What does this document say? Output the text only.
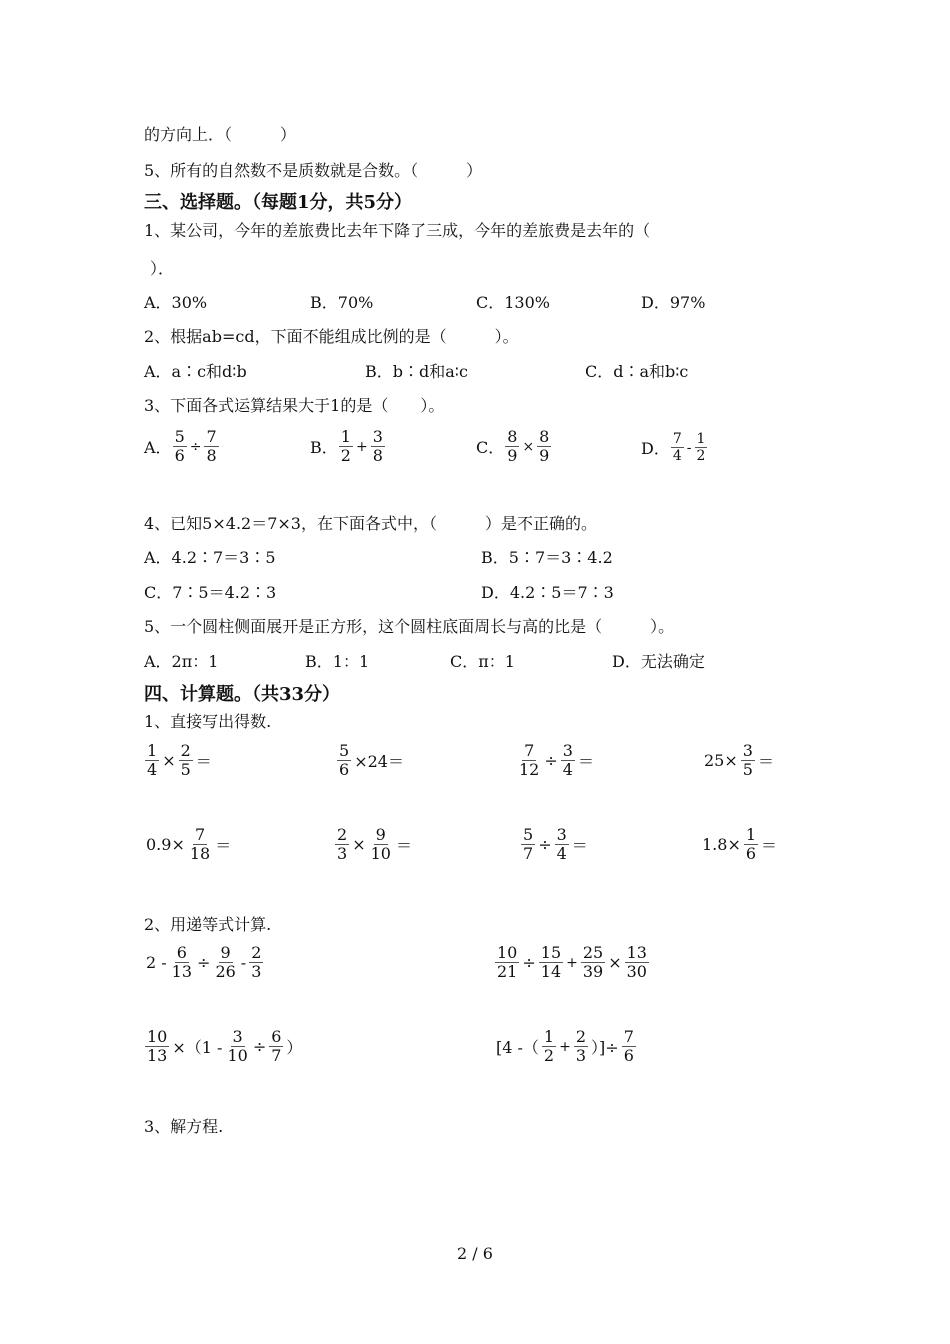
的方向上．（　　　）
5、所有的自然数不是质数就是合数。（　　　）
三、选择题。（每题1分，共5分）
1、某公司，今年的差旅费比去年下降了三成，今年的差旅费是去年的（
）．
A．30%	B．70%	C．130%	D．97%
2、根据ab=cd，下面不能组成比例的是（　　　）。
A．a∶c和d∶b	B．b∶d和a∶c	C．d∶a和b∶c
3、下面各式运算结果大于1的是（　　）。
A． $\frac{5}{6} \div \frac{7}{8}$	B． $\frac{1}{2} + \frac{3}{8}$	C． $\frac{8}{9} \times \frac{8}{9}$	D． $\frac{7}{4} - \frac{1}{2}$
4、已知5×4.2＝7×3，在下面各式中，（　　　）是不正确的。
A．4.2∶7＝3∶5	B．5∶7＝3∶4.2
C．7∶5＝4.2∶3	D．4.2∶5＝7∶3
5、一个圆柱侧面展开是正方形，这个圆柱底面周长与高的比是（　　　）。
A．2π：1	B．1：1	C．π：1	D．无法确定
四、计算题。（共33分）
1、直接写出得数.
$\frac{1}{4} \times \frac{2}{5}$ ＝	$\frac{5}{6} \times 24=$	$\frac{7}{12} \div \frac{3}{4}$ ＝	$25\times \frac{3}{5}$ ＝
$0.9\times \frac{7}{18}$ ＝	$\frac{2}{3} \times \frac{9}{10}$ ＝	$\frac{5}{7} \div \frac{3}{4}$ ＝	$1.8\times \frac{1}{6}$ ＝
2、用递等式计算.
$2 - \frac{6}{13} \div \frac{9}{26} - \frac{2}{3}$	$\frac{10}{21} \div \frac{15}{14} + \frac{25}{39} \times \frac{13}{30}$
$\frac{10}{13} \times(1 - \frac{3}{10} \div \frac{6}{7}$ ）	[4 -（ $\frac{1}{2} + \frac{2}{3}$ ）]÷ $\frac{7}{6}$
3、解方程.
2 / 6
